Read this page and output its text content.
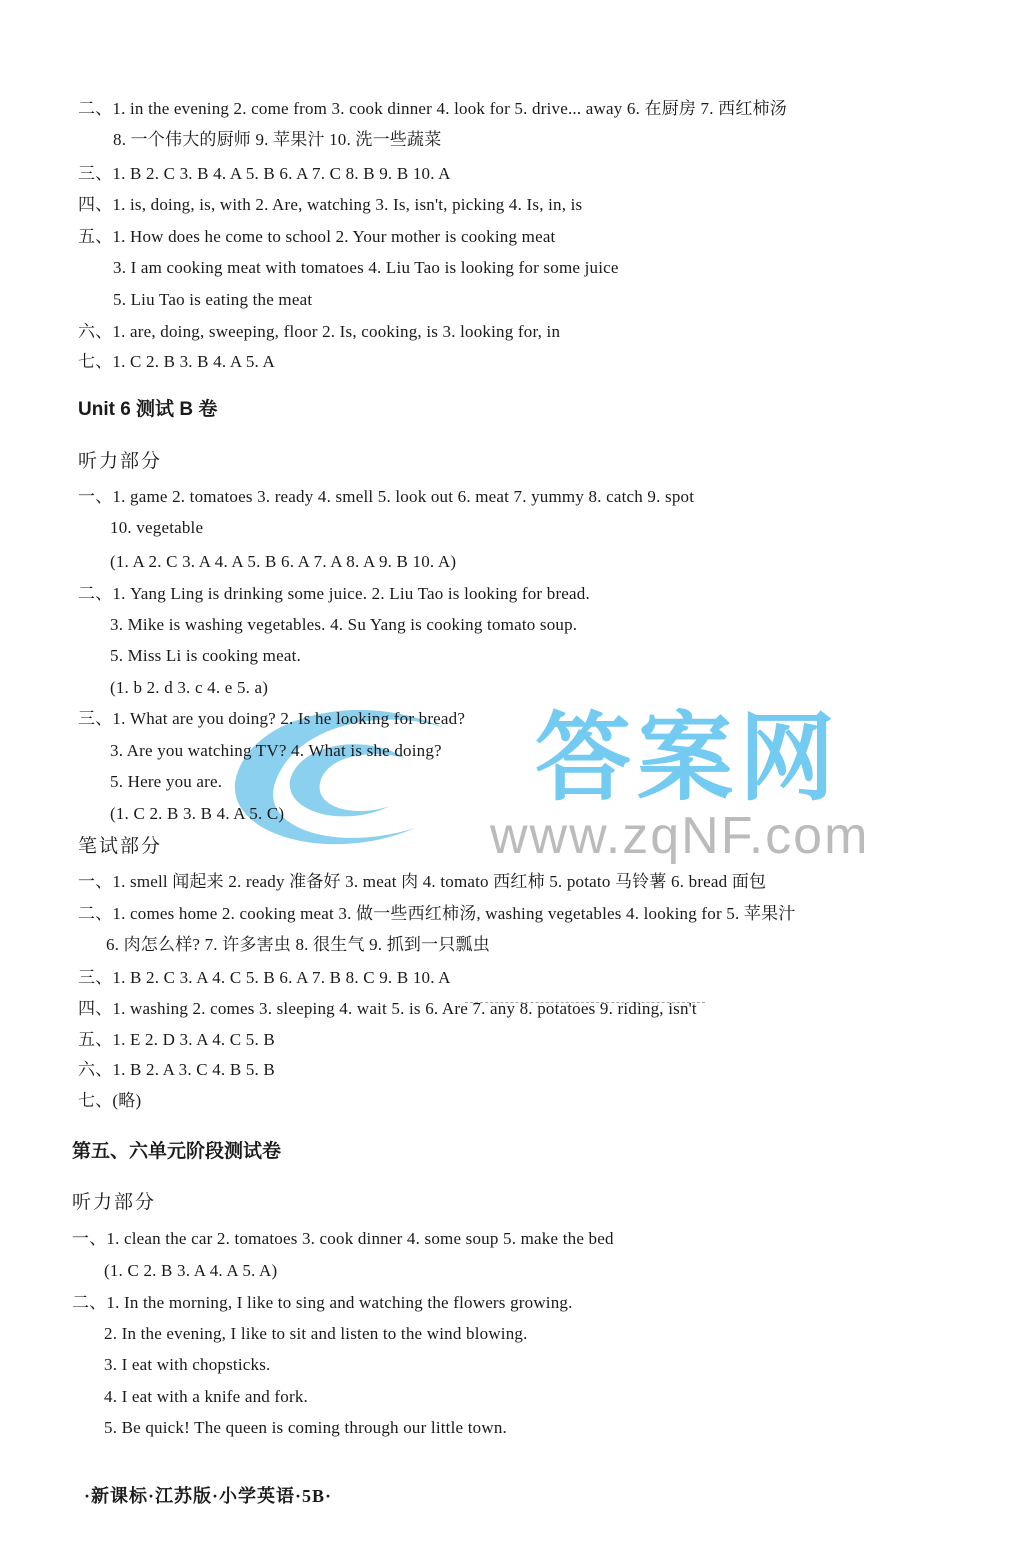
答案网
www.zqNF.com
二、1. in the evening 2. come from 3. cook dinner 4. look for 5. drive... away 6. 在厨房 7. 西红柿汤
8. 一个伟大的厨师 9. 苹果汁 10. 洗一些蔬菜
三、1. B 2. C 3. B 4. A 5. B 6. A 7. C 8. B 9. B 10. A
四、1. is, doing, is, with 2. Are, watching 3. Is, isn't, picking 4. Is, in, is
五、1. How does he come to school 2. Your mother is cooking meat
3. I am cooking meat with tomatoes 4. Liu Tao is looking for some juice
5. Liu Tao is eating the meat
六、1. are, doing, sweeping, floor 2. Is, cooking, is 3. looking for, in
七、1. C 2. B 3. B 4. A 5. A
Unit 6 测试 B 卷
听力部分
一、1. game 2. tomatoes 3. ready 4. smell 5. look out 6. meat 7. yummy 8. catch 9. spot
10. vegetable
(1. A 2. C 3. A 4. A 5. B 6. A 7. A 8. A 9. B 10. A)
二、1. Yang Ling is drinking some juice. 2. Liu Tao is looking for bread.
3. Mike is washing vegetables. 4. Su Yang is cooking tomato soup.
5. Miss Li is cooking meat.
(1. b 2. d 3. c 4. e 5. a)
三、1. What are you doing? 2. Is he looking for bread?
3. Are you watching TV? 4. What is she doing?
5. Here you are.
(1. C 2. B 3. B 4. A 5. C)
笔试部分
一、1. smell 闻起来 2. ready 准备好 3. meat 肉 4. tomato 西红柿 5. potato 马铃薯 6. bread 面包
二、1. comes home 2. cooking meat 3. 做一些西红柿汤, washing vegetables 4. looking for 5. 苹果汁
6. 肉怎么样? 7. 许多害虫 8. 很生气 9. 抓到一只瓢虫
三、1. B 2. C 3. A 4. C 5. B 6. A 7. B 8. C 9. B 10. A
四、1. washing 2. comes 3. sleeping 4. wait 5. is 6. Are 7. any 8. potatoes 9. riding, isn't
五、1. E 2. D 3. A 4. C 5. B
六、1. B 2. A 3. C 4. B 5. B
七、(略)
第五、六单元阶段测试卷
听力部分
一、1. clean the car 2. tomatoes 3. cook dinner 4. some soup 5. make the bed
(1. C 2. B 3. A 4. A 5. A)
二、1. In the morning, I like to sing and watching the flowers growing.
2. In the evening, I like to sit and listen to the wind blowing.
3. I eat with chopsticks.
4. I eat with a knife and fork.
5. Be quick! The queen is coming through our little town.
·新课标·江苏版·小学英语·5B·
